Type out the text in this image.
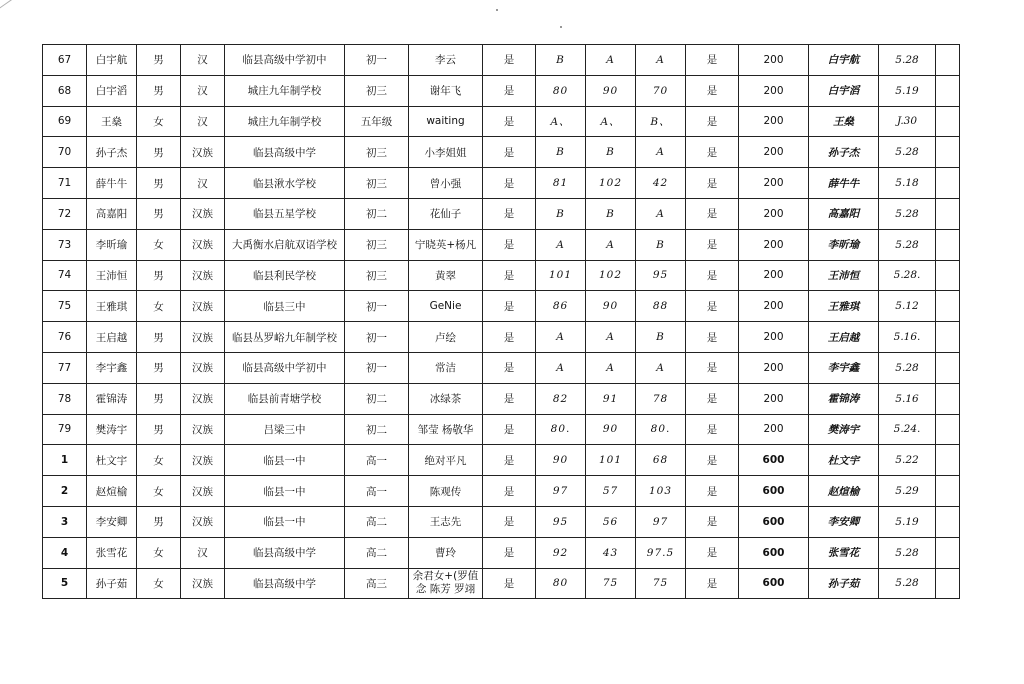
67	白宇航	男	汉	临县高级中学初中	初一	李云	是	B	A	A	是	200	白宇航	5.28	
68	白宇滔	男	汉	城庄九年制学校	初三	谢年飞	是	80	90	70	是	200	白宇滔	5.19	
69	王燊	女	汉	城庄九年制学校	五年级	waiting	是	A、	A、	B、	是	200	王燊	J.30	
70	孙子杰	男	汉族	临县高级中学	初三	小李姐姐	是	B	B	A	是	200	孙子杰	5.28	
71	薛牛牛	男	汉	临县湫水学校	初三	曾小强	是	81	102	42	是	200	薛牛牛	5.18	
72	高嘉阳	男	汉族	临县五星学校	初二	花仙子	是	B	B	A	是	200	高嘉阳	5.28	
73	李昕瑜	女	汉族	大禹衡水启航双语学校	初三	宁晓英+杨凡	是	A	A	B	是	200	李昕瑜	5.28	
74	王沛恒	男	汉族	临县利民学校	初三	黄翠	是	101	102	95	是	200	王沛恒	5.28.	
75	王雅琪	女	汉族	临县三中	初一	GeNie	是	86	90	88	是	200	王雅琪	5.12	
76	王启越	男	汉族	临县丛罗峪九年制学校	初一	卢绘	是	A	A	B	是	200	王启越	5.16.	
77	李宇鑫	男	汉族	临县高级中学初中	初一	常洁	是	A	A	A	是	200	李宇鑫	5.28	
78	霍锦涛	男	汉族	临县前青塘学校	初二	冰绿茶	是	82	91	78	是	200	霍锦涛	5.16	
79	樊涛宇	男	汉族	吕梁三中	初二	邹莹 杨敬华	是	80.	90	80.	是	200	樊涛宇	5.24.	
1	杜文宇	女	汉族	临县一中	高一	绝对平凡	是	90	101	68	是	600	杜文宇	5.22	
2	赵煊榆	女	汉族	临县一中	高一	陈观传	是	97	57	103	是	600	赵煊榆	5.29	
3	李安卿	男	汉族	临县一中	高二	王志先	是	95	56	97	是	600	李安卿	5.19	
4	张雪花	女	汉	临县高级中学	高二	曹玲	是	92	43	97.5	是	600	张雪花	5.28	
5	孙子茹	女	汉族	临县高级中学	高三	余君女+(罗值念 陈芳 罗翊	是	80	75	75	是	600	孙子茹	5.28	
